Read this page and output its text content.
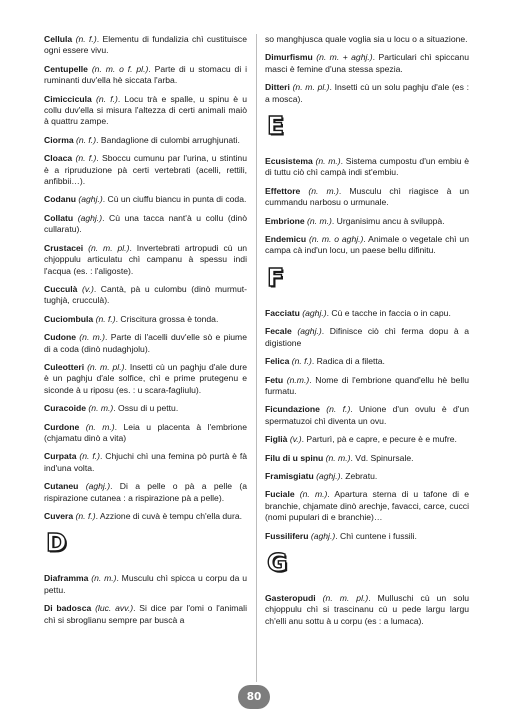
Cellula (n. f.). Elementu di fundalizia chì custituisce ogni essere vivu.

Centupelle (n. m. o f. pl.). Parte di u stomacu di i ruminanti duv'ella hè siccata l'arba.

Cimiccicula (n. f.). Locu trà e spalle, u spinu è u collu duv'ella si misura l'altezza di certi animali maiò à quattru zampe.

Ciorma (n. f.). Bandaglione di culombi arrughjunati.

Cloaca (n. f.). Sboccu cumunu par l'urina, u stintinu è a ripruduzione pà certi vertebrati (acelli, rettili, anfibbii…).

Codanu (aghj.). Cù un ciuffu biancu in punta di coda.

Collatu (aghj.). Cù una tacca nant'à u collu (dinò cullaratu).

Crustacei (n. m. pl.). Invertebrati artropudi cù un chjoppulu articulatu chì campanu à spessu indi l'acqua (es. : l'aligoste).

Cucculà (v.). Cantà, pà u culombu (dinò murmut-tughjà, crucculà).

Cuciombula (n. f.). Criscitura grossa è tonda.

Cudone (n. m.). Parte di l'acelli duv'elle sò e piume di a coda (dinò nudaghjolu).

Culeotteri (n. m. pl.). Insetti cù un paghju d'ale dure è un paghju d'ale solfice, chì e prime prutegenu e siconde à u riposu (es. : u scara-fagliulu).

Curacoide (n. m.). Ossu di u pettu.

Curdone (n. m.). Leia u placenta à l'embrione (chjamatu dinò a vita)

Curpata (n. f.). Chjuchi chì una femina pò purtà è fà ind'una volta.

Cutaneu (aghj.). Di a pelle o pà a pelle (a rispirazione cutanea : a rispirazione pà a pelle).

Cuvera (n. f.). Azzione di cuvà è tempu ch'ella dura.

D

Diaframma (n. m.). Musculu chì spicca u corpu da u pettu.

Di badosca (luc. avv.). Si dice par l'omi o l'animali chì si sbroglianu sempre par buscà a

so manghjusca quale voglia sia u locu o a situazione.

Dimurfismu (n. m. + aghj.). Particulari chì spiccanu masci è femine d'una stessa spezia.

Ditteri (n. m. pl.). Insetti cù un solu paghju d'ale (es : a mosca).

E

Ecusistema (n. m.). Sistema cumpostu d'un embiu è di tuttu ciò chì campà indi st'embiu.

Effettore (n. m.). Musculu chì riagisce à un cummandu narbosu o urmunale.

Embrione (n. m.). Urganisimu ancu à sviluppà.

Endemicu (n. m. o aghj.). Animale o vegetale chì un campa cà ind'un locu, un paese bellu difinitu.

F

Facciatu (aghj.). Cù e tacche in faccia o in capu.

Fecale (aghj.). Difinisce ciò chì ferma dopu à a digistione

Felica (n. f.). Radica di a filetta.

Fetu (n.m.). Nome di l'embrione quand'ellu hè bellu furmatu.

Ficundazione (n. f.). Unione d'un ovulu è d'un spermatuzoi chì diventa un ovu.

Figlià (v.). Parturì, pà e capre, e pecure è e mufre.

Filu di u spinu (n. m.). Vd. Spinursale.

Framisgiatu (aghj.). Zebratu.

Fuciale (n. m.). Apartura sterna di u tafone di e branchie, chjamate dinò arechje, favacci, carce, cucci (nomi pupulari di e branchie)…

Fussiliferu (aghj.). Chì cuntene i fussili.

G

Gasteropudi (n. m. pl.). Mulluschi cù un solu chjoppulu chì si trascinanu cù u pede largu largu ch'elli anu sottu à u corpu (es : a lumaca).

80
